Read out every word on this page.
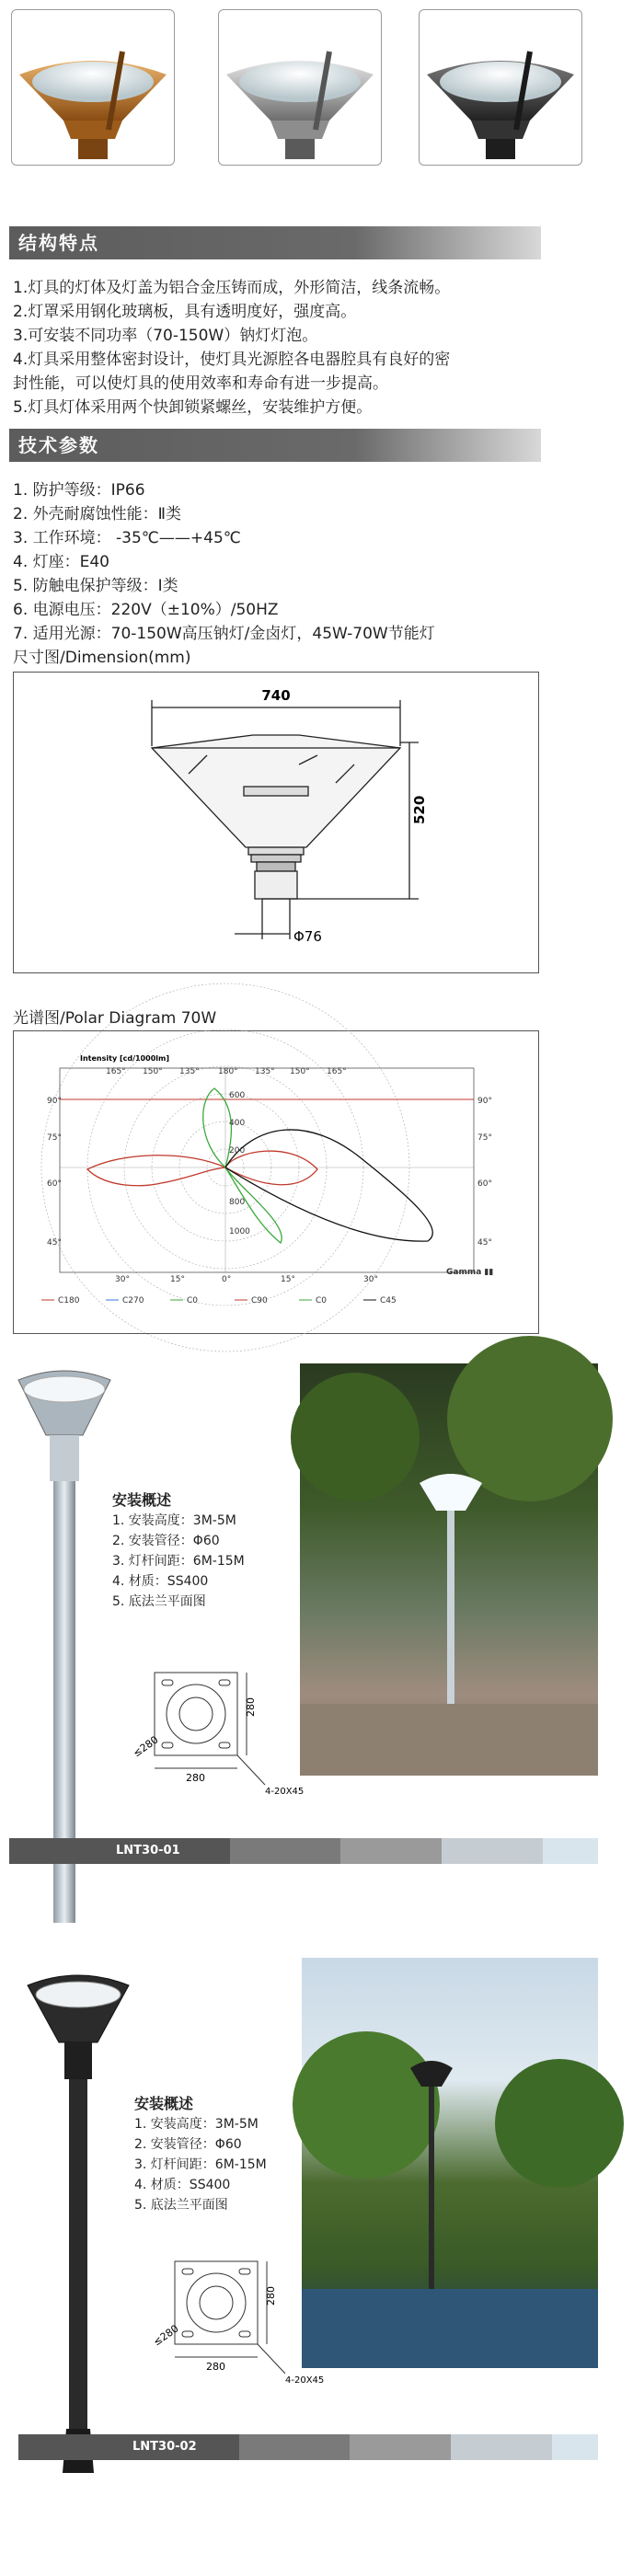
结构特点
1.灯具的灯体及灯盖为铝合金压铸而成，外形简洁，线条流畅。
2.灯罩采用钢化玻璃板，具有透明度好，强度高。
3.可安装不同功率（70-150W）钠灯灯泡。
4.灯具采用整体密封设计，使灯具光源腔各电器腔具有良好的密
封性能，可以使灯具的使用效率和寿命有进一步提高。
5.灯具灯体采用两个快卸锁紧螺丝，安装维护方便。
技术参数
1. 防护等级：IP66
2. 外壳耐腐蚀性能：Ⅱ类
3. 工作环境： -35℃——+45℃
4. 灯座：E40
5. 防触电保护等级：Ⅰ类
6. 电源电压：220V（±10%）/50HZ
7. 适用光源：70-150W高压钠灯/金卤灯，45W-70W节能灯
尺寸图/Dimension(mm)
740
520
Φ76
光谱图/Polar Diagram 70W
Intensity [cd/1000lm]
165° 150° 135° 180° 135° 150° 165°
90°
75°
60°
45°
90°
75°
60°
45°
30°	15°	0°	15°	30°
200
400
600
800
1000
Gamma ▮▮
C180	C270	C0	C90	C0	C45
安装概述
1. 安装高度：3M-5M
2. 安装管径：Φ60
3. 灯杆间距：6M-15M
4. 材质：SS400
5. 底法兰平面图
280
280
≤280
4-20X45
LNT30-01
安装概述
1. 安装高度：3M-5M
2. 安装管径：Φ60
3. 灯杆间距：6M-15M
4. 材质：SS400
5. 底法兰平面图
280
280
≤280
4-20X45
LNT30-02
